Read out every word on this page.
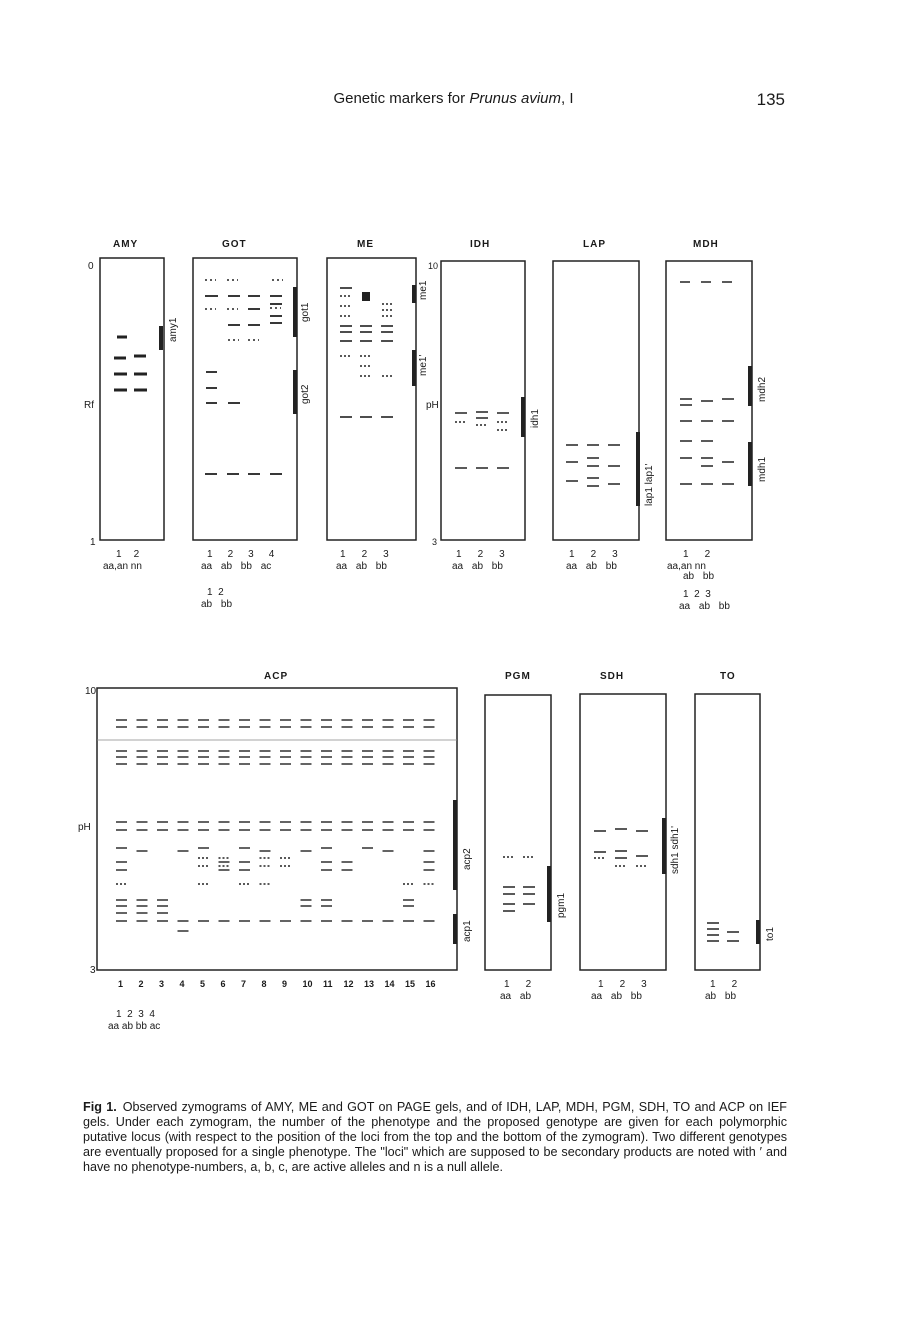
Genetic markers for Prunus avium, I	135
0
Rf
1
AMY
amy1
1 2
aa,an nn
GOT
got1
got2
1 2 3 4
aa ab bb ac
1  2
ab bb
ME
me1
me1'
1 2 3
aa ab bb
IDH
10
pH
3
idh1
1 2 3
aa ab bb
LAP
lap1 lap1'
1 2 3
aa ab bb
MDH
mdh2
mdh1
1 2
aa,an nn
ab bb
1  2  3
aa ab bb
10
pH
3
ACP
acp2
acp1
1 2 3 4 5 6 7 8 9 10 11 12 13 14 15 16
1  2  3  4
aa ab bb ac
PGM
pgm1
1 2
aa ab
SDH
sdh1 sdh1'
1 2 3
aa ab bb
TO
to1
1 2
ab bb
Fig 1. Observed zymograms of AMY, ME and GOT on PAGE gels, and of IDH, LAP, MDH, PGM, SDH, TO and ACP on IEF gels. Under each zymogram, the number of the phenotype and the proposed genotype are given for each polymorphic putative locus (with respect to the position of the loci from the top and the bottom of the zymogram). Two different genotypes are eventually proposed for a single phenotype. The "loci" which are supposed to be secondary products are noted with ′ and have no phenotype-numbers, a, b, c, are active alleles and n is a null allele.
